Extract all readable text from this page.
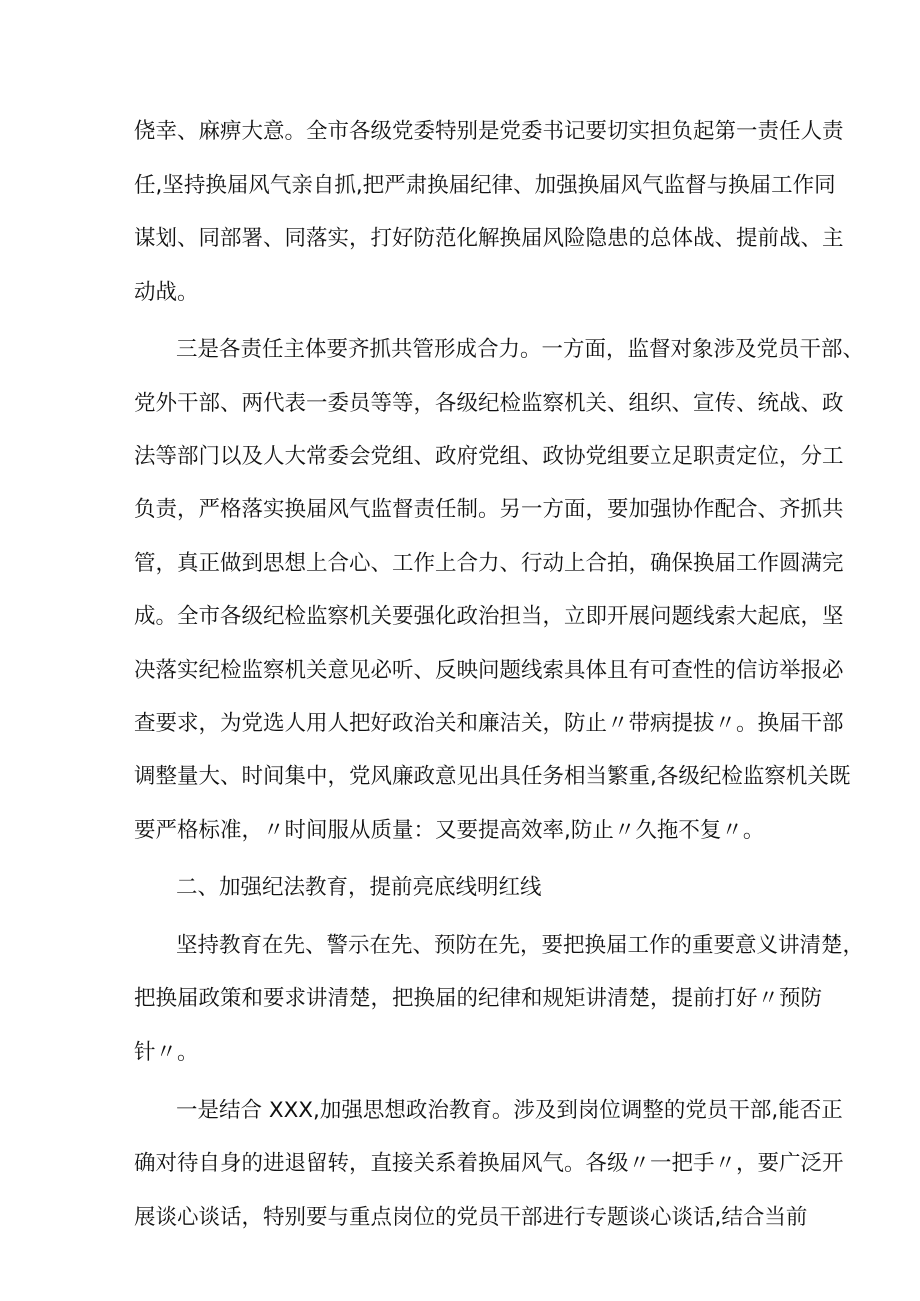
侥幸、麻痹大意。全市各级党委特别是党委书记要切实担负起第一责任人责
任,坚持换届风气亲自抓,把严肃换届纪律、加强换届风气监督与换届工作同
谋划、同部署、同落实，打好防范化解换届风险隐患的总体战、提前战、主
动战。
三是各责任主体要齐抓共管形成合力。一方面，监督对象涉及党员干部、
党外干部、两代表一委员等等，各级纪检监察机关、组织、宣传、统战、政
法等部门以及人大常委会党组、政府党组、政协党组要立足职责定位，分工
负责，严格落实换届风气监督责任制。另一方面，要加强协作配合、齐抓共
管，真正做到思想上合心、工作上合力、行动上合拍，确保换届工作圆满完
成。全市各级纪检监察机关要强化政治担当，立即开展问题线索大起底，坚
决落实纪检监察机关意见必听、反映问题线索具体且有可查性的信访举报必
查要求，为党选人用人把好政治关和廉洁关，防止〃带病提拔〃。换届干部
调整量大、时间集中，党风廉政意见出具任务相当繁重,各级纪检监察机关既
要严格标准，〃时间服从质量：又要提高效率,防止〃久拖不复〃。
二、加强纪法教育，提前亮底线明红线
坚持教育在先、警示在先、预防在先，要把换届工作的重要意义讲清楚，
把换届政策和要求讲清楚，把换届的纪律和规矩讲清楚，提前打好〃预防
针〃。
一是结合 XXX,加强思想政治教育。涉及到岗位调整的党员干部,能否正
确对待自身的进退留转，直接关系着换届风气。各级〃一把手〃，要广泛开
展谈心谈话，特别要与重点岗位的党员干部进行专题谈心谈话,结合当前
